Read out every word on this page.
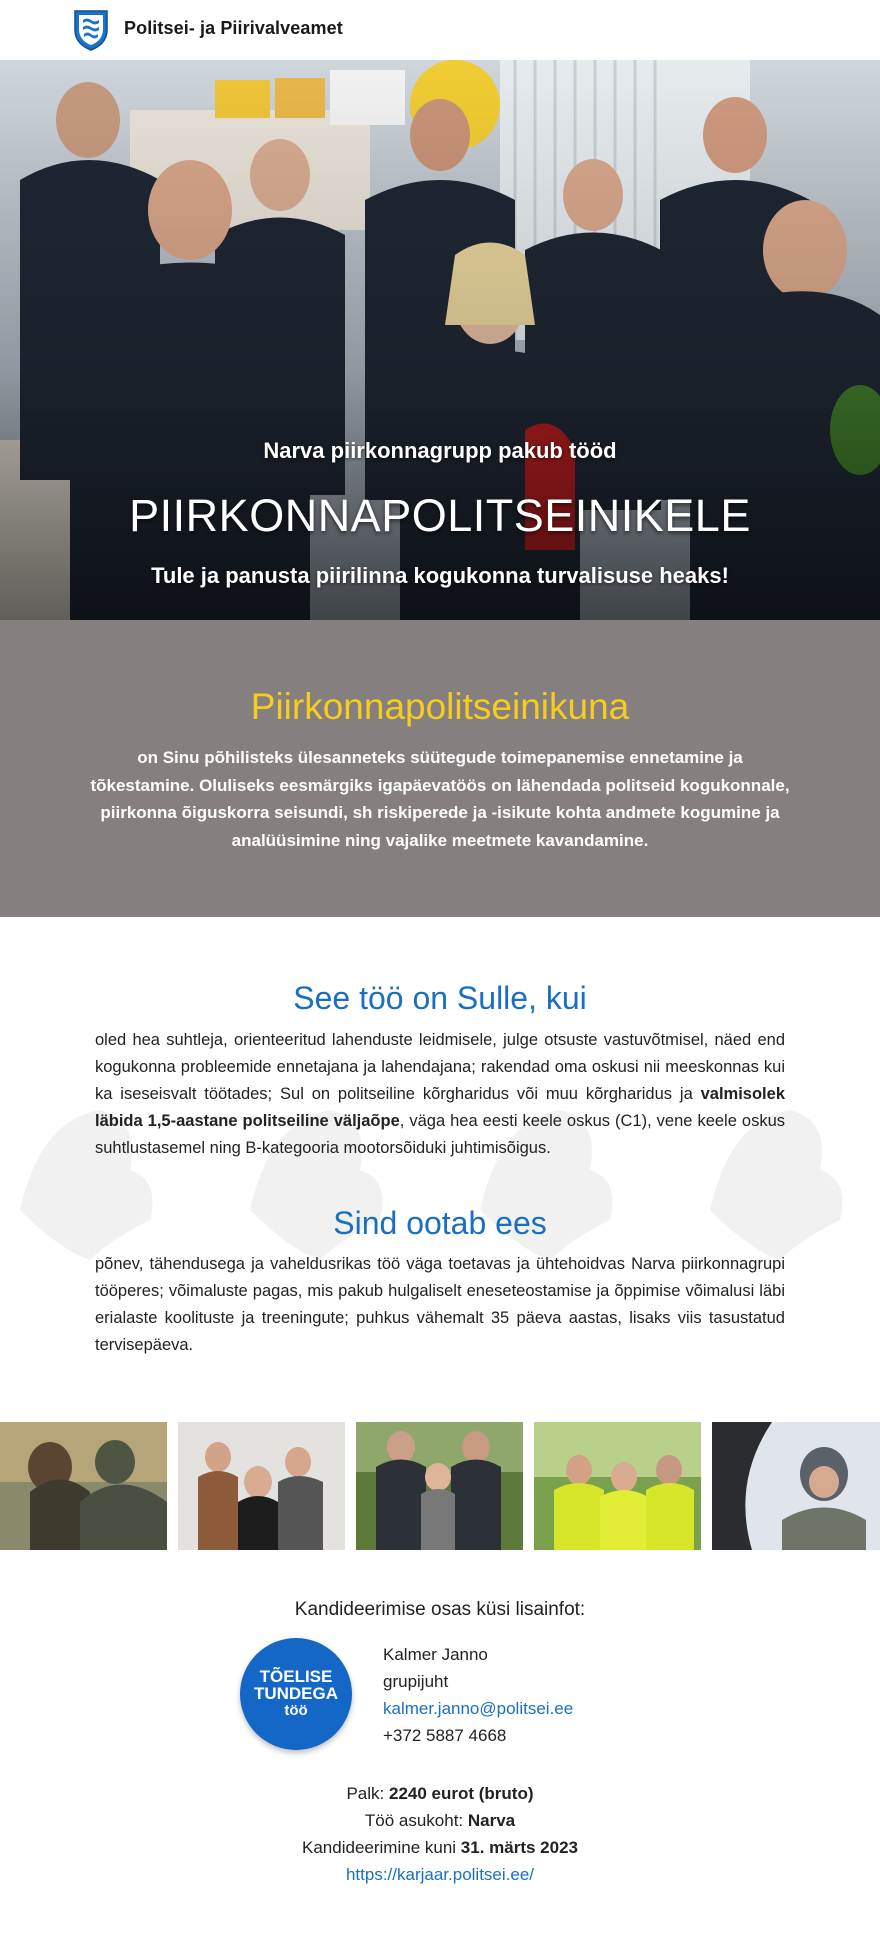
Politsei- ja Piirivalveamet
Narva piirkonnagrupp pakub tööd
PIIRKONNAPOLITSEINIKELE
Tule ja panusta piirilinna kogukonna turvalisuse heaks!
Piirkonnapolitseinikuna
on Sinu põhilisteks ülesanneteks süütegude toimepanemise ennetamine ja tõkestamine. Oluliseks eesmärgiks igapäevatöös on lähendada politseid kogukonnale, piirkonna õiguskorra seisundi, sh riskiperede ja -isikute kohta andmete kogumine ja analüüsimine ning vajalike meetmete kavandamine.
See töö on Sulle, kui
oled hea suhtleja, orienteeritud lahenduste leidmisele, julge otsuste vastuvõtmisel, näed end kogukonna probleemide ennetajana ja lahendajana; rakendad oma oskusi nii meeskonnas kui ka iseseisvalt töötades; Sul on politseiline kõrgharidus või muu kõrgharidus ja valmisolek läbida 1,5-aastane politseiline väljaõpe, väga hea eesti keele oskus (C1), vene keele oskus suhtlustasemel ning B-kategooria mootorsõiduki juhtimisõigus.
Sind ootab ees
põnev, tähendusega ja vaheldusrikas töö väga toetavas ja ühtehoidvas Narva piirkonnagrupi tööperes; võimaluste pagas, mis pakub hulgaliselt eneseteostamise ja õppimise võimalusi läbi erialaste koolituste ja treeningute; puhkus vähemalt 35 päeva aastas, lisaks viis tasustatud tervisepäeva.
Kandideerimise osas küsi lisainfot:
TÕELISE
TUNDEGA
töö
Kalmer Janno
grupijuht
kalmer.janno@politsei.ee
+372 5887 4668
Palk: 2240 eurot (bruto)
Töö asukoht: Narva
Kandideerimine kuni 31. märts 2023
https://karjaar.politsei.ee/
